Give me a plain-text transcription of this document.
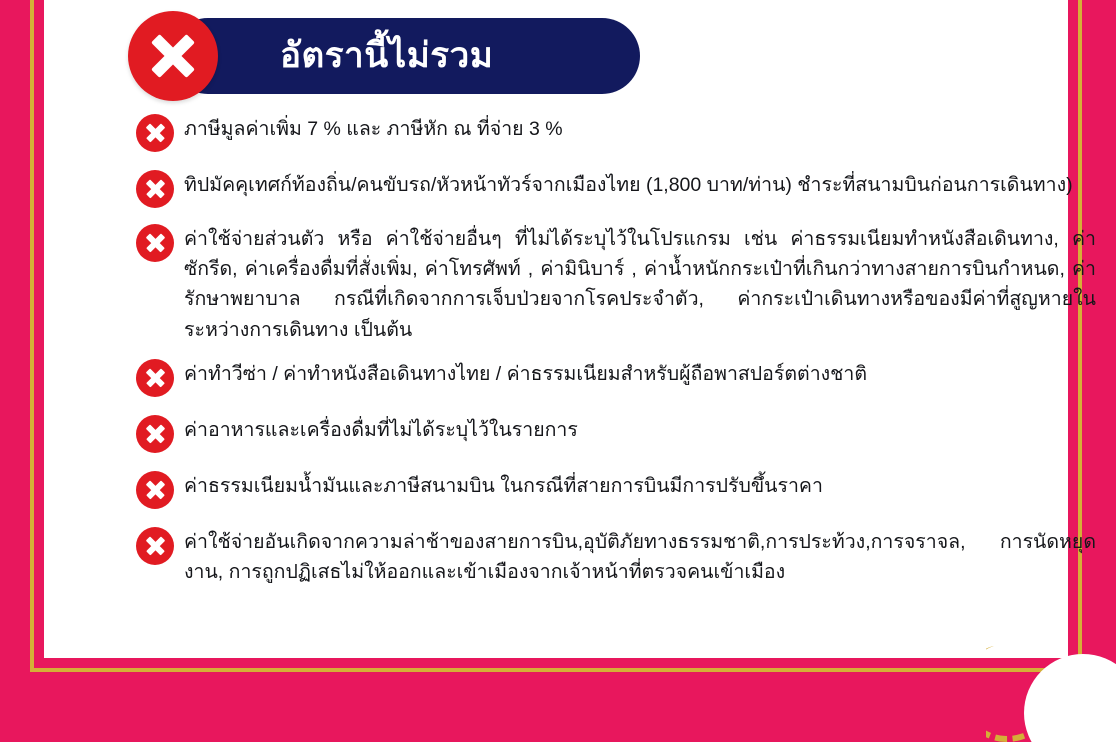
อัตรานี้ไม่รวม
ภาษีมูลค่าเพิ่ม 7 % และ ภาษีหัก ณ ที่จ่าย 3 %
ทิปมัคคุเทศก์ท้องถิ่น/คนขับรถ/หัวหน้าทัวร์จากเมืองไทย (1,800 บาท/ท่าน) ชำระที่สนามบินก่อนการเดินทาง)
ค่าใช้จ่ายส่วนตัว หรือ ค่าใช้จ่ายอื่นๆ ที่ไม่ได้ระบุไว้ในโปรแกรม เช่น ค่าธรรมเนียมทำหนังสือเดินทาง, ค่าซักรีด, ค่าเครื่องดื่มที่สั่งเพิ่ม, ค่าโทรศัพท์ , ค่ามินิบาร์ , ค่าน้ำหนักกระเป๋าที่เกินกว่าทางสายการบินกำหนด, ค่ารักษาพยาบาล กรณีที่เกิดจากการเจ็บป่วยจากโรคประจำตัว, ค่ากระเป๋าเดินทางหรือของมีค่าที่สูญหายในระหว่างการเดินทาง เป็นต้น
ค่าทำวีซ่า / ค่าทำหนังสือเดินทางไทย / ค่าธรรมเนียมสำหรับผู้ถือพาสปอร์ตต่างชาติ
ค่าอาหารและเครื่องดื่มที่ไม่ได้ระบุไว้ในรายการ
ค่าธรรมเนียมน้ำมันและภาษีสนามบิน ในกรณีที่สายการบินมีการปรับขึ้นราคา
ค่าใช้จ่ายอันเกิดจากความล่าช้าของสายการบิน,อุบัติภัยทางธรรมชาติ,การประท้วง,การจราจล, การนัดหยุดงาน, การถูกปฏิเสธไม่ให้ออกและเข้าเมืองจากเจ้าหน้าที่ตรวจคนเข้าเมือง
